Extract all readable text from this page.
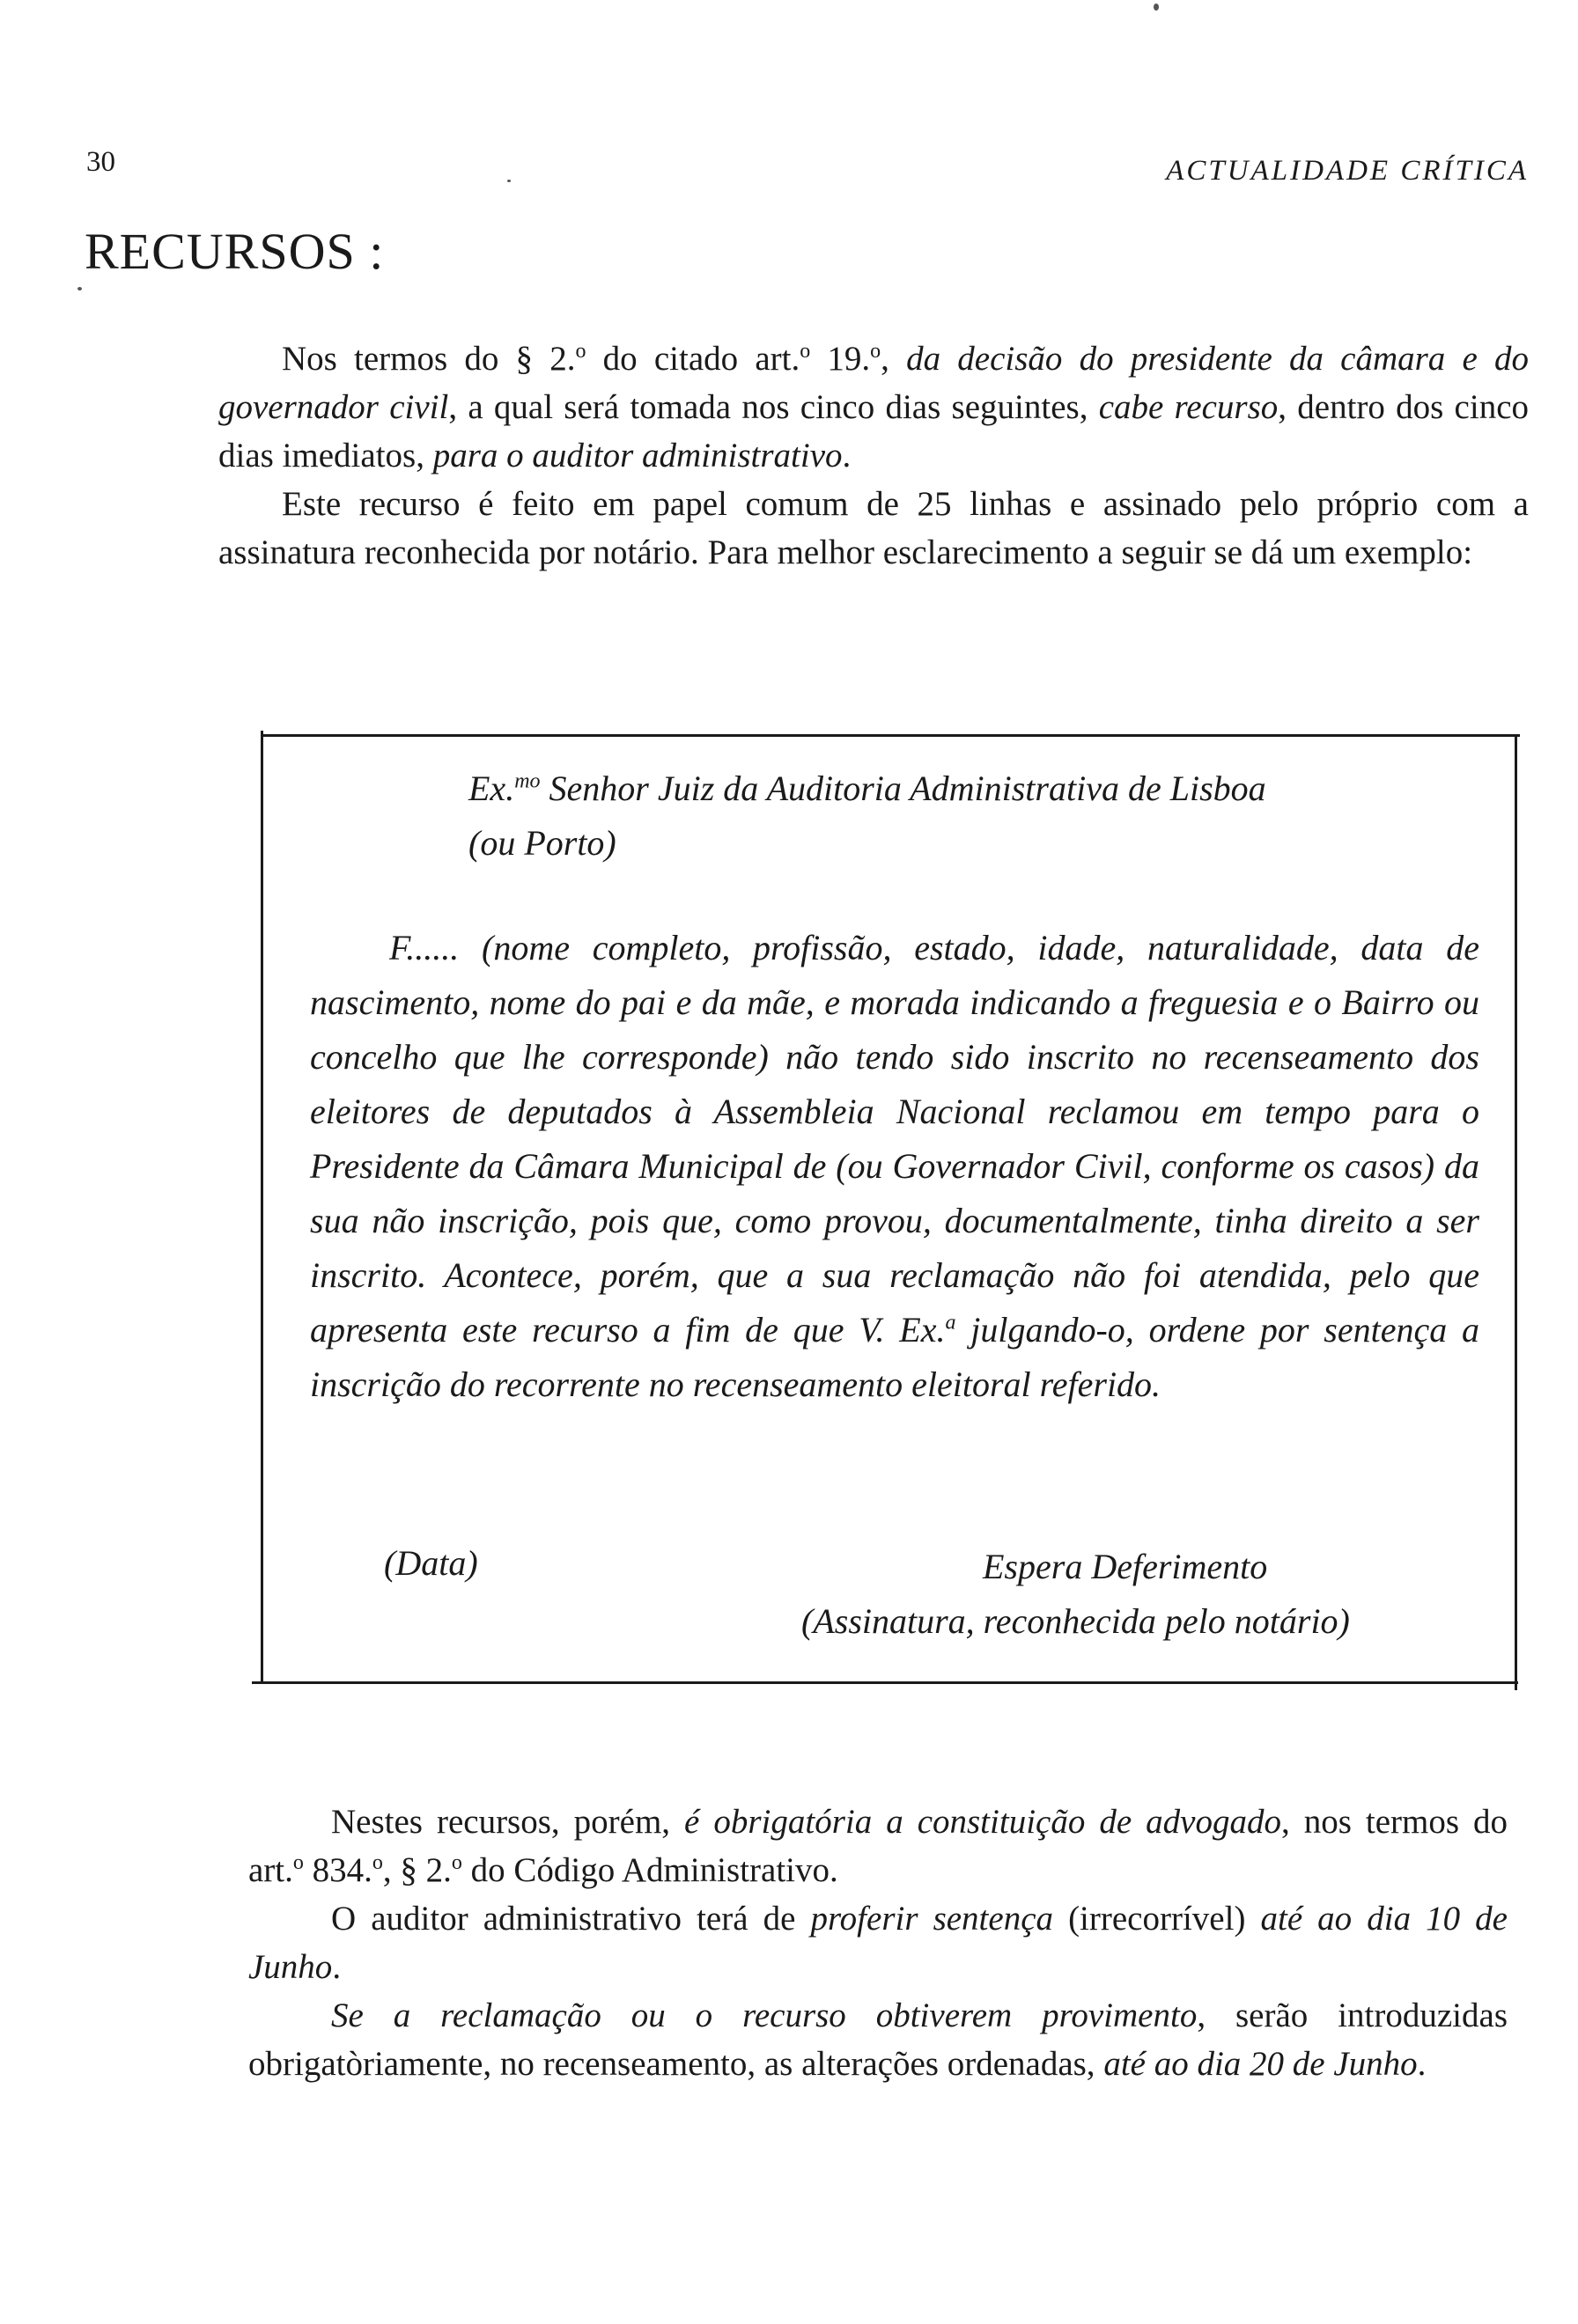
30	ACTUALIDADE CRÍTICA
RECURSOS :

Nos termos do § 2.$^o$ do citado art.$^o$ 19.$^o$, da decisão do presidente da câmara e do governador civil, a qual será tomada nos cinco dias seguintes, cabe recurso, dentro dos cinco dias imediatos, para o auditor administrativo.

Este recurso é feito em papel comum de 25 linhas e assinado pelo próprio com a assinatura reconhecida por notário. Para melhor esclarecimento a seguir se dá um exemplo:

Ex.$^{mo}$ Senhor Juiz da Auditoria Administrativa de Lisboa
(ou Porto)

F...... (nome completo, profissão, estado, idade, naturalidade, data de nascimento, nome do pai e da mãe, e morada indicando a freguesia e o Bairro ou concelho que lhe corresponde) não tendo sido inscrito no recenseamento dos eleitores de deputados à Assembleia Nacional reclamou em tempo para o Presidente da Câmara Municipal de (ou Governador Civil, conforme os casos) da sua não inscrição, pois que, como provou, documentalmente, tinha direito a ser inscrito. Acontece, porém, que a sua reclamação não foi atendida, pelo que apresenta este recurso a fim de que V. Ex.$^a$ julgando-o, ordene por sentença a inscrição do recorrente no recenseamento eleitoral referido.

(Data)	Espera Deferimento
(Assinatura, reconhecida pelo notário)

Nestes recursos, porém, é obrigatória a constituição de advogado, nos termos do art.$^o$ 834.$^o$, § 2.$^o$ do Código Administrativo.

O auditor administrativo terá de proferir sentença (irrecorrível) até ao dia 10 de Junho.

Se a reclamação ou o recurso obtiverem provimento, serão introduzidas obrigatòriamente, no recenseamento, as alterações ordenadas, até ao dia 20 de Junho.
